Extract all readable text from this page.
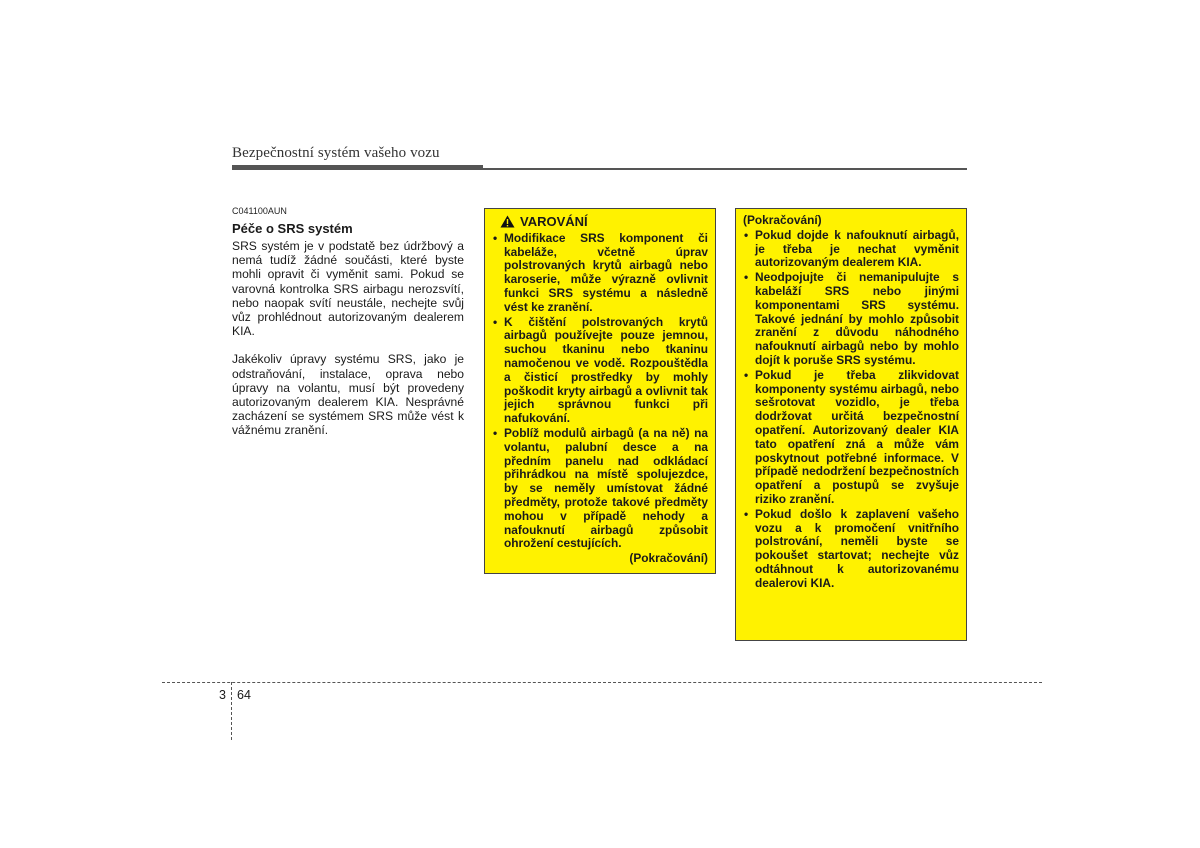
Bezpečnostní systém vašeho vozu
C041100AUN
Péče o SRS systém

SRS systém je v podstatě bez údržbový a nemá tudíž žádné součásti, které byste mohli opravit či vyměnit sami. Pokud se varovná kontrolka SRS airbagu nerozsvítí, nebo naopak svítí neustále, nechejte svůj vůz prohlédnout autorizovaným dealerem KIA.

Jakékoliv úpravy systému SRS, jako je odstraňování, instalace, oprava nebo úpravy na volantu, musí být provedeny autorizovaným dealerem KIA. Nesprávné zacházení se systémem SRS může vést k vážnému zranění.

VAROVÁNÍ
• Modifikace SRS komponent či kabeláže, včetně úprav polstrovaných krytů airbagů nebo karoserie, může výrazně ovlivnit funkci SRS systému a následně vést ke zranění.
• K čištění polstrovaných krytů airbagů používejte pouze jemnou, suchou tkaninu nebo tkaninu namočenou ve vodě. Rozpouštědla a čisticí prostředky by mohly poškodit kryty airbagů a ovlivnit tak jejich správnou funkci při nafukování.
• Poblíž modulů airbagů (a na ně) na volantu, palubní desce a na předním panelu nad odkládací přihrádkou na místě spolujezdce, by se neměly umístovat žádné předměty, protože takové předměty mohou v případě nehody a nafouknutí airbagů způsobit ohrožení cestujících.
(Pokračování)
(Pokračování)
• Pokud dojde k nafouknutí airbagů, je třeba je nechat vyměnit autorizovaným dealerem KIA.
• Neodpojujte či nemanipulujte s kabeláží SRS nebo jinými komponentami SRS systému. Takové jednání by mohlo způsobit zranění z důvodu náhodného nafouknutí airbagů nebo by mohlo dojít k poruše SRS systému.
• Pokud je třeba zlikvidovat komponenty systému airbagů, nebo sešrotovat vozidlo, je třeba dodržovat určitá bezpečnostní opatření. Autorizovaný dealer KIA tato opatření zná a může vám poskytnout potřebné informace. V případě nedodržení bezpečnostních opatření a postupů se zvyšuje riziko zranění.
• Pokud došlo k zaplavení vašeho vozu a k promočení vnitřního polstrování, neměli byste se pokoušet startovat; nechejte vůz odtáhnout k autorizovanému dealerovi KIA.
3 64
